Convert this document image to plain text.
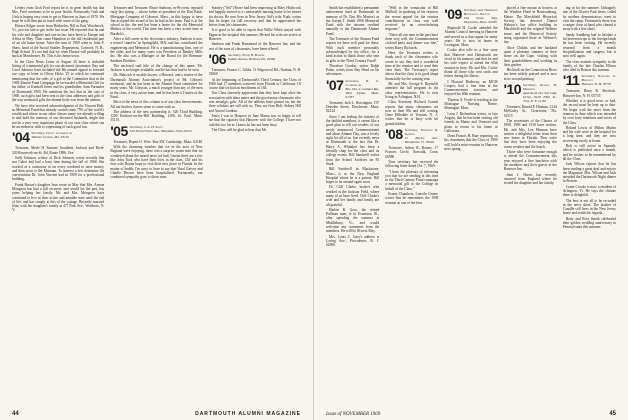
Letters from Gish Ford report he is in great health but that Mrs. Ford continues to be in poor health. Fortunately Gish and Gish is hoping very soon to get to Hanover in June of 1970. We hope he will then put in touch with some of the gang.

Horace Kilger wrote from Harkerley, Bill in East Woodstock, Vt., just too late to get in the last issue. He reported that he and his wife and daughter and son-in-law have been to Europe and Africa in May. Then came Hamilton to the old residential part of an old home home. After the turn of 1969 went to John F. Shaw, head of the Social Studies Department, Concord, N. H., High School. It's too bad that we often Horace will probably be back at Manchester, Pa. This is his home town.

In the Class News Letter of August 16 there is included listing of a memorial gift for our deceased classmates. Ray and Carol Johnson have included the 8th annual appeal to forward our copy of letter to Oliver Hicks '25 to which he continued mentioning that the rules of a gift to the Committee that in the 1969 Alumni Fund Campaign he forwarded a Memorial Gift for his father of Kimball Jones and his grandfather, Sam Parmalee of Dartmouth 1905. He mentions the fact that in the case of 1969, such gifts had been sent to the class addresses and gifts of the way memorial gifts the alumni body was from the admins.

We have also received acknowledgment of the Vincent Holt, as Memorial Fund that already carried some 75% of the world's wealth and where in our other classes many are already willing to and hold the memory of our deceased husbands, might this not be a very very important phase of our own class which can be an endeavor with a cooperating of such good fun.

'04 Secretary, John C. Chamberlain
Webster Groves, Mo. 63119

Treasurer, Merle H. Sumner. Southern, Jackson and River. 320 Roosevelt-on-St. Rd, Route 1896, Ore.

Sally Johnson, widow of Dick Johnson, wrote recently that son Cabot and had a busy time during the fall of 1968. She worked as a contractor in art every weekend to raise money, and then went to the Museum. To interest a few determine the conversation Dr. John Vincent had in 1909 for a professional building.

Frank Brown's daughter Jean wrote in May that Mrs. Armon Mongeon has had a full recovery and would for the past few years helping her family. Mr. and Mrs. Mongeon have continued to live in their active and amiable state until the end of life, and has simply at this of the cottage. Recently married Jean, with her daughter's family at 477 Park Ave., Westboro, N. Y.

Treasurer and Treasurer. Bruce Sanborn, ex-Pro tem, reported early last spring ... whose father as president of the Dart Bank. Mortgage Company of Cohasset, Mass., in this happy to have Jim accepted the award of his be had as his team. Paul is at the school in the. the end has been a home for the old Memorial Mother of the world. This time has been a very active time at Burdick's.

After a full career in the electronics industry, Sanborn is now a retired 'stand-in' in Springfield, MA, and has contributed the engineering and Memorial. He is a manufacturing firm, one of the older, and for many years was President of Bentley Mills Inc. He also was a Manager of the Board for the Brennan-Sanborn Brothers.

The enclosed said title of the change of this name. Mr. Jackson is no longer available, and he has thus had to be seen.

Mr. Babcock is an able lawyer, a Harvard, and a trustee of the Dartmouth Alumni Association's project of Mr. Gibson's memorial, and he has been in the Alumni Fund committee for many years. Mr. Grayson, a much younger than any of the men in the class, a very active man, and he has been a Trustee of the Fund.

Most of the news of this column is of our class bereavements. All our brother classes seem to come with us.

The address of the new partnership is: 520 Third Building, 1200 Endicott-on-the-Hill Building, 1200, St. Paul, Minn. 55101.

'05 Secretary, Carl H. Sweet
510 North Fuller Ave., Hamilton, Ohio 45013

Treasurer, Rupert O. Wire. Box 5W, Cambridge, Mass. 02140

With the charming weather that we in the area of New England were enjoying, there was a surprise warm note that we wondered about the mixed news we had; I mean there are a few like John Tuck who have their lives in the class. Clif and his first wife Donna hope to visit their new place in Florida. In the matter of health, I'm sorry to have to say that Vinal Garvey and Charlie Brown have been hospitalized. Fortunately, our combined sympathy goes to those men.

Stanley ("Sid") Rowe had been improving at Mary Hitchcock and happily moved to a comfortable nursing home to be nearer his doctor. He now lives in New Jersey. Sid's wife, Ruth, writes that he hopes for full recovery and that he appreciated the letters from his classmates.

It is good to be able to report that Willie White stayed with Fagan in the hospital this summer. He and his wife are active at Hanover.

Sanborn and Frank Hammond of the Hanover Inn, and the rest of the sons of classmates, have been offered.

'06 Secretary, Edwin B. Boshum
Indian Avenue, Bratton, Pa. 19066

Treasurer, Francis C. Gibbs. 11 Edgewood Rd., Nashua, N. H. 03060

At the beginning of Dartmouth's Third Century, the Class of 1906 had 17 members scattered from Florida to California. Of course that we had an enrollment of 184.

Our Class sincerely appreciates that they have kept alive the association with alma mater and the good many classmates who sent nostalgic gifts. All of the athletes have passed on, but the three scholars are still with us. They are Ivan Holt, Sidney Hill and Anton Goodian.

Since I was in Hanover in June Mama was so happy to tell me that the capacity that Hanover with the College. I have not said this too far as I know he has not been busy.

The Class will be glad to hear that Mr.

44	DARTMOUTH ALUMNI MAGAZINE

Smith has established a permanent endowment fund at Dartmouth in memory of Dr. Tim, His Master's as the Joseph T. Smith 1906 Memorial Fund with the income credited annually to the Dartmouth Alumni Fund.

The Treasurer of the Alumni Fund reports we have well paid for these. With each member personally acknowledged by the office, for a kind action to thank those who sent in gifts to the Third Century Fund?

Theodore Gordon, writer Ralph Paine, writes from Bay Head on his adventures.

'07 Secretary, R. C. Chamberlain
Box 162, 4 Graham Rd., West Upton, Mass. 01587

Treasurer, Jack L. Hoisington. 197 Dresden Street, Dorchester, Mass. 02124

Since I am feeling the interest of the faithful members, it seems like a good plan to tell our readers of our newly announced Commencement and about Alumni Day, was a lovely sight for all of us. Just recently news at Dartmouth is the fact that Dr. Harry A. Whitaker has been a friendly chap for the class and its college events. Bill Sandwell writes from the School Archives on 81 Stark.

Bill Sandwell in Blackstone, Mass., is at the New England Hospital where he is a patient. Bill hopes to be around again soon.

Dr. Cliff Clarke, brother who worked at the Jackson Field, where many of us have lived. Cliff Clarke's wife and her family and family are all grateful.

Harlan R. Goss, the retired Pullman man, is in Evanston, Ill., after spending the summer at Middlebury, Vt., and would welcome any comments from the members. He will be 86 next May.

Mrs. Louis C. Gary's address is Loring Ave., Providence, R. I. 02906.

"Well in the vernacular of Bill Mulhall, in speaking of his reunion, the recent appeal for the reunion contributions in class was well received by an overwhelming response."

"Since all our men in the past have done very well, the Commencement cocktail party and dinner was fine," writes Harry Richards.

Here, the Treasurer wishes to thank each of the classmates who wrote to say they had a wonderful time at the reunion and to send their class dues. The Treasurer's report shows that the class is in good shape financially for the coming year.

Mr. and Mrs. George S. Reynolds attended the full program as the class representatives. He is now living in Arlington, N.H.

Class Secretary Richard Conrad reports that many classmates are now in their 80s and still writing. Gene Hillsdale of Trenton, N. J., writes that he is busy with his grandchildren.

'08 Secretary, Frederick R. Swensen
15 Burley Ave., Montpelier, Vt. 05602

Treasurer, Arthur R. Barnes. 17 Frances Circle, Norwalk, Conn. 06580

Your secretary has received the following letter dated Oct. 7, 1969:

"I have the pleasure of informing you that we are sending at this time in the Third Century Fund campaign a memorial gift to the College on behalf of the Class."

Ernest Chambers, Lincoln Center, writes that he remembers the 1908 reunion as one of the best.

'09 Secretary and Treasurer, Bertrand C. Preston
Old Stone Way, Weymouth, Mass. 02189

Reginald H. Cooke attended the Alumni Council meeting in Hanover and served as a class agent for many years. He is now at home in Lexington, Mass.

Cooke also tells us a fine story that Hanover and Dartmouth are vivid in his memory and that he and his wife expect to attend the 60th reunion in June. Mr. and Mrs. Cooke thank all those who sent cards and letters during his illness.

I Howard Bodeway, an MCM Cooper, had a fine time at the Commencement exercises and enjoyed his 60th reunion.

Thomas A. Forde is residing at the Montague Nursing Home, Montague, Mass.

Leon J. Richardson writes, in late August, that he has been visiting old friends in Maine and Vermont and plans to return to his home in California.

Dean Francis H. Burr reporting on his classmates that the Class of 1909 will hold a mini-reunion in Hanover next spring.

placed a fine mount as hostess at the Windsor Hotel in Harrisonburg, Maine. The Marshfield Historical Society has devoted Daniel Webster's law office building in Marshfield and the original Webster home, and the Historical Society being organized there in Webster's day.

Alice Chiklas and her husband spent a pleasant summer at their home on the Cape, visiting with their grandchildren and working in their garden.

His book on the Connecticut River has been widely praised and is now in its second printing.

'10 Secretary, Russell H. Meredith
Apartment 2D, Sun Lake Drive, 8100 Fifth St., Troy, N. Y. 12181

Treasurer, Harold P. Hinman. 2144 McKinley St., Clearwater, Fla. 33515

The secretaries of the Classes of 1908, 1909 and 1910 have written. Mr. and Mrs. Lee Hinman have written a delightful letter from their new home in Florida. They write that they have been enjoying the warm weather and the beach.

Those who were fortunate enough to attend the Commencement this year enjoyed a fine luncheon with the members and their guests at the Hanover Inn.

Sam J. Harris has recently returned from England where he visited his daughter and her family.

ing in for the summer. Unhappily one of the Glacier Park bears, called by modern demonstrators, went to visit the camp. Fortunately there was a ranger close at hand who chased it away with a few shots.

Sandy Sandberg had to hesitate a bit between trips to the foreign lands he has been visiting. He recently returned from a month hospitalization and surgery, but is now well again.

The class extends sympathy to the family of the late Charles Ellison who died in Boston this summer.

'11 Secretary, Nathaniel G. Burleigh
Hanover, N. H. 03755

Treasurer, Harry R. Sherlock. Hanover Inn, N. H. 03755

Whether it is good news or bad, the record must be kept up to date. We begin with the news from the reunion in June which was attended by over forty members and wives of the Class.

Roland Lewis of Milton Martin and his wife were in the hospital for a long time, and they are now recovering nicely at home.

Rolt is still active in Spanish, which is published once a month, and he wishes to be remembered by all the Class.

Jack Wilson reports that he has been reading a great deal and enjoys the Magazine. Mrs. Wilson and Jack attended the Dartmouth Night dinner in Boston.

Crane Crooks is now a resident of Arlington, Vt. He says the climate there is delightful.

The best is not all to be recorded in the news sheet. The brother of Camille still lives in the New Jersey home and sends his regards.

Betty and Ross Smith celebrated their golden wedding anniversary in Pennsylvania this summer.

Issue of NOVEMBER 1969	45
